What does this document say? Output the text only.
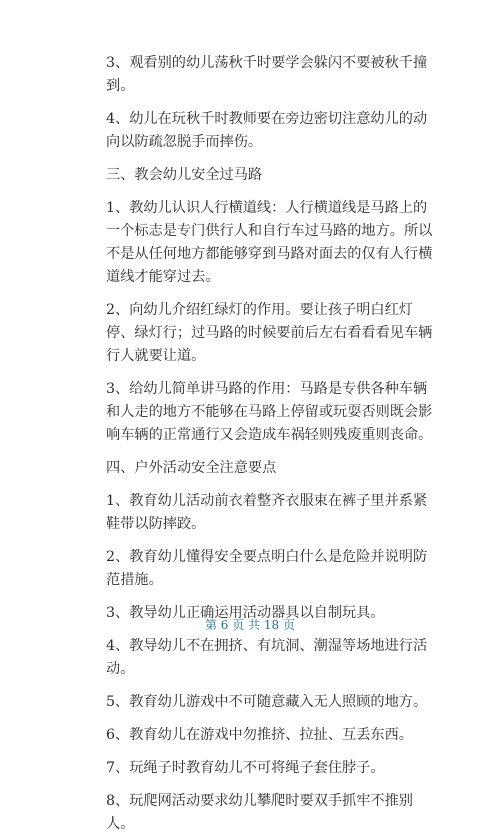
3、观看别的幼儿荡秋千时要学会躲闪不要被秋千撞到。

4、幼儿在玩秋千时教师要在旁边密切注意幼儿的动向以防疏忽脱手而摔伤。

三、教会幼儿安全过马路

1、教幼儿认识人行横道线：人行横道线是马路上的一个标志是专门供行人和自行车过马路的地方。所以不是从任何地方都能够穿到马路对面去的仅有人行横道线才能穿过去。

2、向幼儿介绍红绿灯的作用。要让孩子明白红灯停、绿灯行；过马路的时候要前后左右看看看见车辆行人就要让道。

3、给幼儿简单讲马路的作用：马路是专供各种车辆和人走的地方不能够在马路上停留或玩耍否则既会影响车辆的正常通行又会造成车祸轻则残废重则丧命。

四、户外活动安全注意要点

1、教育幼儿活动前衣着整齐衣服束在裤子里并系紧鞋带以防摔跤。

2、教育幼儿懂得安全要点明白什么是危险并说明防范措施。

3、教导幼儿正确运用活动器具以自制玩具。

4、教导幼儿不在拥挤、有坑洞、潮湿等场地进行活动。

5、教育幼儿游戏中不可随意藏入无人照顾的地方。

6、教育幼儿在游戏中勿推挤、拉扯、互丢东西。

7、玩绳子时教育幼儿不可将绳子套住脖子。

8、玩爬网活动要求幼儿攀爬时要双手抓牢不推别人。

第 6 页 共 18 页
